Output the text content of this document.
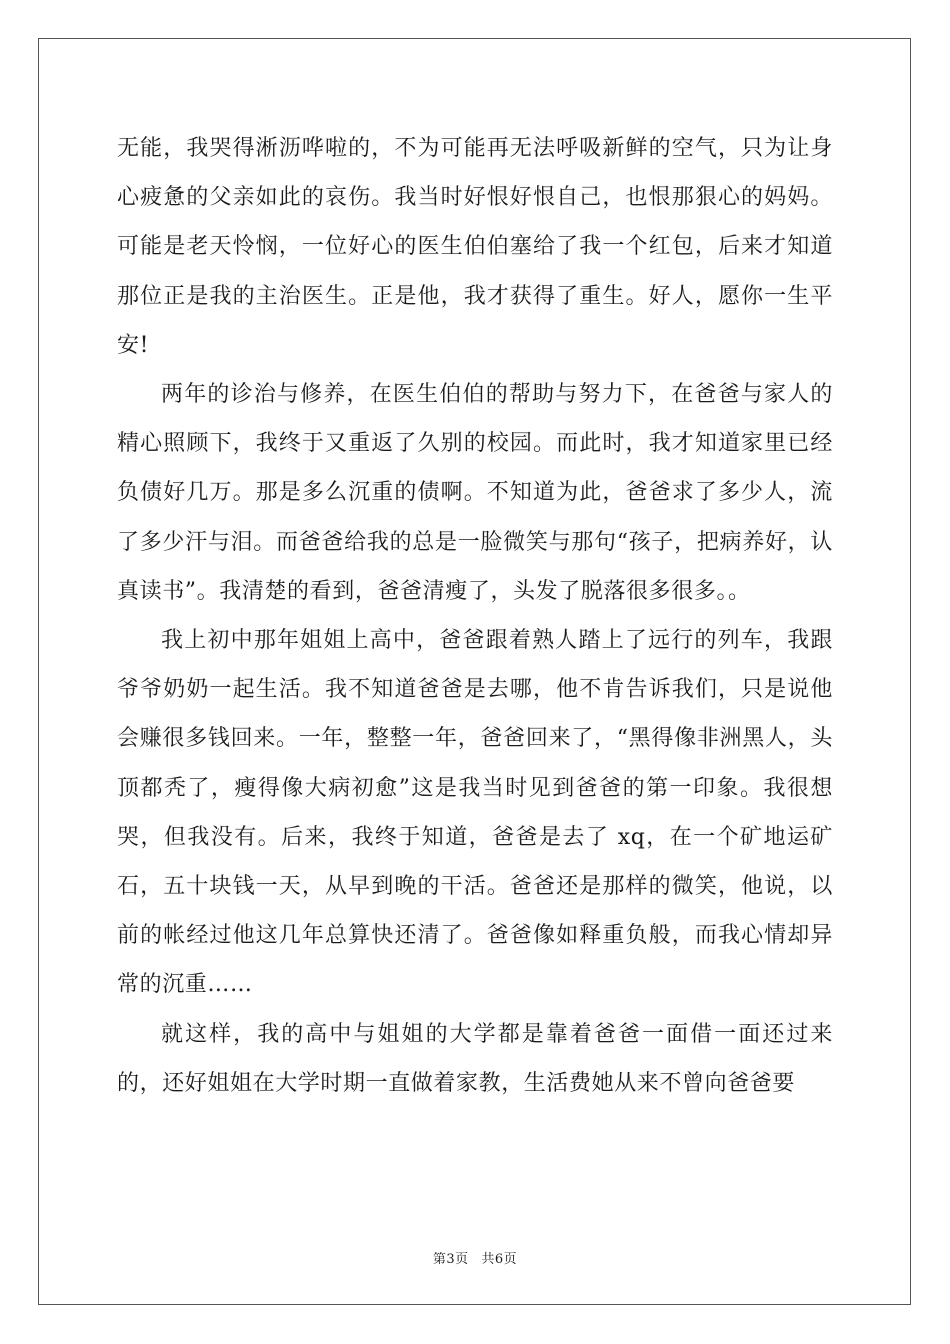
无能，我哭得淅沥哗啦的，不为可能再无法呼吸新鲜的空气，只为让身心疲惫的父亲如此的哀伤。我当时好恨好恨自己，也恨那狠心的妈妈。可能是老天怜悯，一位好心的医生伯伯塞给了我一个红包，后来才知道那位正是我的主治医生。正是他，我才获得了重生。好人，愿你一生平安!

两年的诊治与修养，在医生伯伯的帮助与努力下，在爸爸与家人的精心照顾下，我终于又重返了久别的校园。而此时，我才知道家里已经负债好几万。那是多么沉重的债啊。不知道为此，爸爸求了多少人，流了多少汗与泪。而爸爸给我的总是一脸微笑与那句“孩子，把病养好，认真读书”。我清楚的看到，爸爸清瘦了，头发了脱落很多很多。。

我上初中那年姐姐上高中，爸爸跟着熟人踏上了远行的列车，我跟爷爷奶奶一起生活。我不知道爸爸是去哪，他不肯告诉我们，只是说他会赚很多钱回来。一年，整整一年，爸爸回来了，“黑得像非洲黑人，头顶都秃了，瘦得像大病初愈”这是我当时见到爸爸的第一印象。我很想哭，但我没有。后来，我终于知道，爸爸是去了 xq，在一个矿地运矿石，五十块钱一天，从早到晚的干活。爸爸还是那样的微笑，他说，以前的帐经过他这几年总算快还清了。爸爸像如释重负般，而我心情却异常的沉重……

就这样，我的高中与姐姐的大学都是靠着爸爸一面借一面还过来的，还好姐姐在大学时期一直做着家教，生活费她从来不曾向爸爸要

第3页 共6页
